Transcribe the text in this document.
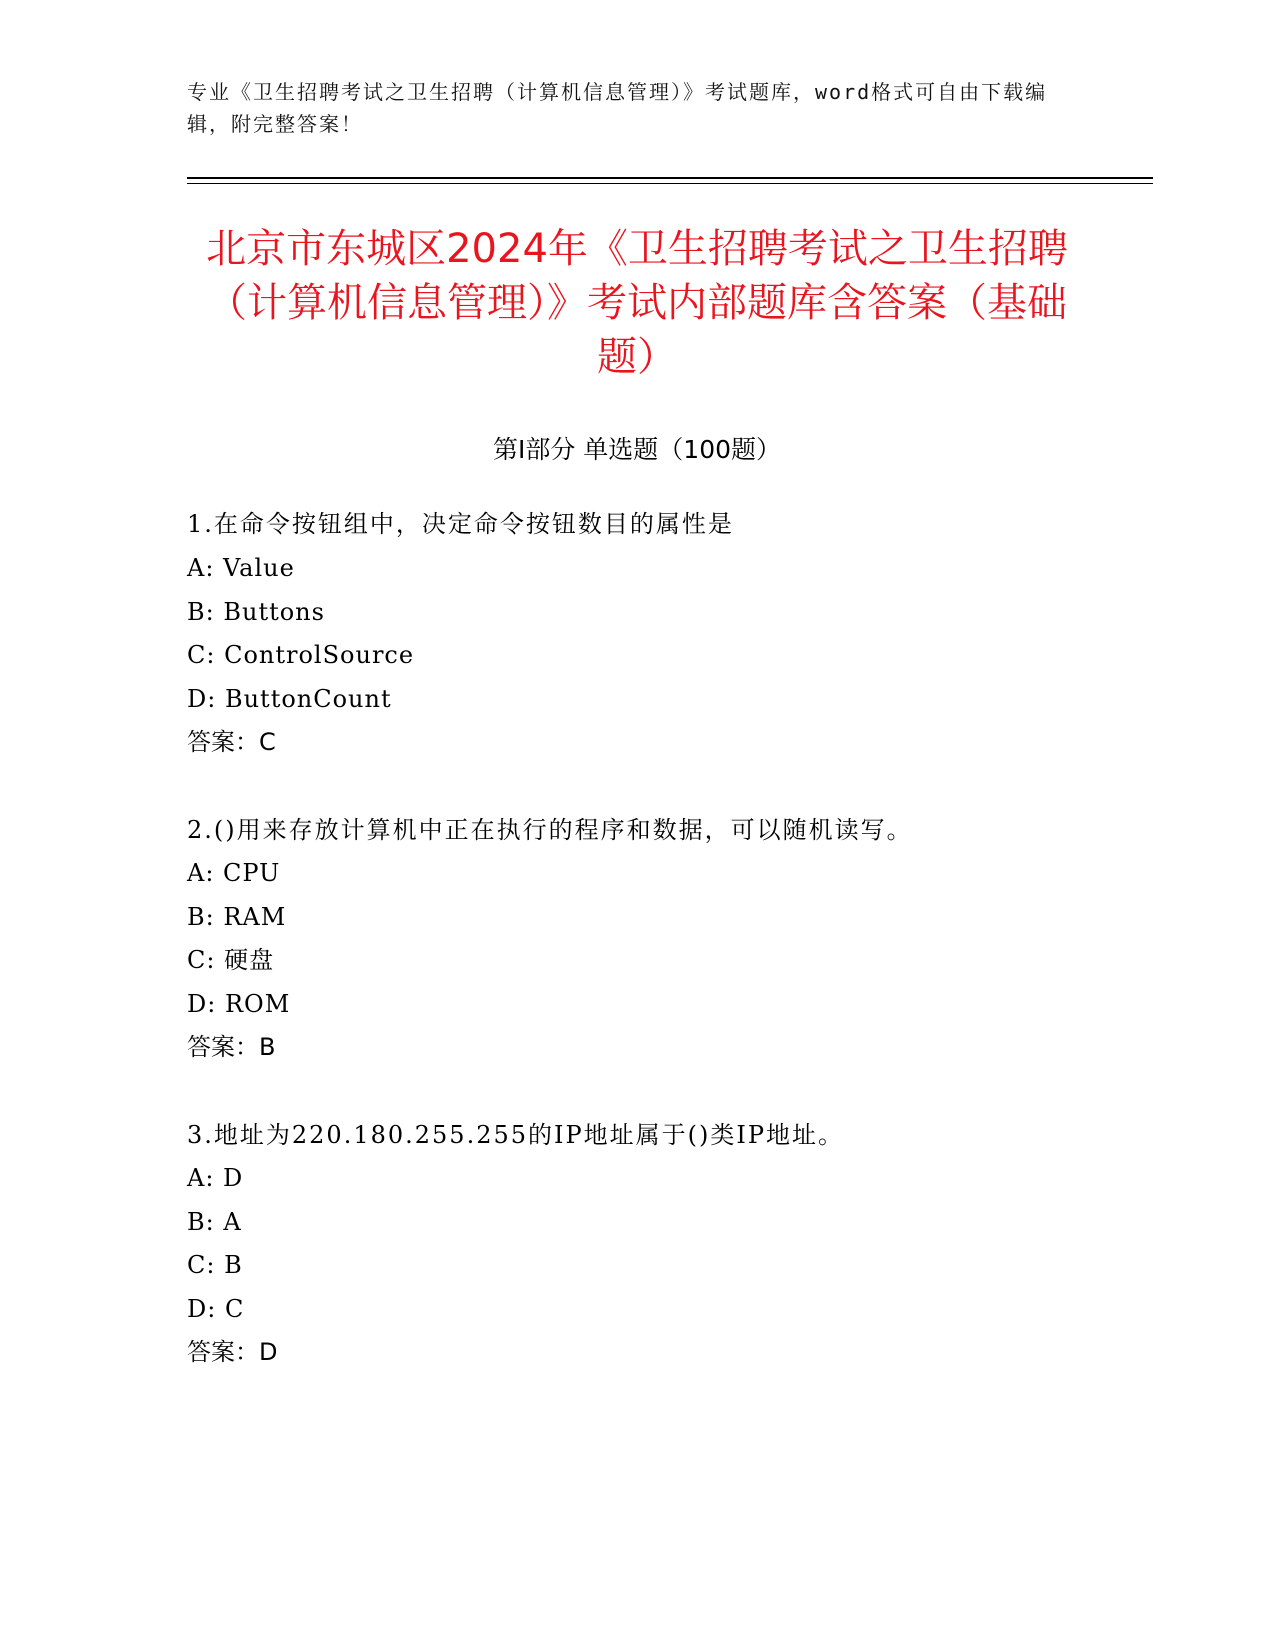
专业《卫生招聘考试之卫生招聘（计算机信息管理）》考试题库，word格式可自由下载编辑，附完整答案！
北京市东城区2024年《卫生招聘考试之卫生招聘（计算机信息管理）》考试内部题库含答案（基础题）
第Ⅰ部分 单选题（100题）
1.在命令按钮组中，决定命令按钮数目的属性是
A: Value
B: Buttons
C: ControlSource
D: ButtonCount
答案：C
2.()用来存放计算机中正在执行的程序和数据，可以随机读写。
A: CPU
B: RAM
C: 硬盘
D: ROM
答案：B
3.地址为220.180.255.255的IP地址属于()类IP地址。
A: D
B: A
C: B
D: C
答案：D
